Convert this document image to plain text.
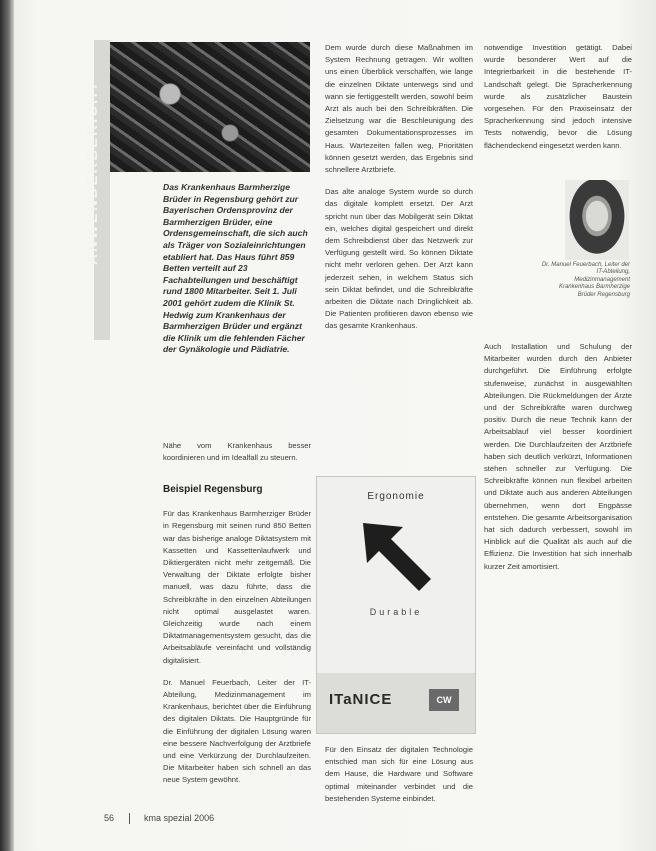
ANWENDERBERICHT	Das Krankenhaus Barmherzige Brüder in Regensburg gehört zur Bayerischen Ordensprovinz der Barmherzigen Brüder, eine Ordensgemeinschaft, die sich auch als Träger von Sozialeinrichtungen etabliert hat. Das Haus führt 859 Betten verteilt auf 23 Fachabteilungen und beschäftigt rund 1800 Mitarbeiter. Seit 1. Juli 2001 gehört zudem die Klinik St. Hedwig zum Krankenhaus der Barmherzigen Brüder und ergänzt die Klinik um die fehlenden Fächer der Gynäkologie und Pädiatrie.

Nähe vom Krankenhaus besser koordinieren und im Idealfall zu steuern.

Beispiel Regensburg

Für das Krankenhaus Barmherziger Brüder in Regensburg mit seinen rund 850 Betten war das bisherige analoge Diktatsystem mit Kassetten und Kassettenlaufwerk und Diktiergeräten nicht mehr zeitgemäß. Die Verwaltung der Diktate erfolgte bisher manuell, was dazu führte, dass die Schreibkräfte in den einzelnen Abteilungen nicht optimal ausgelastet waren. Gleichzeitig wurde nach einem Diktatmanagementsystem gesucht, das die Arbeitsabläufe vereinfacht und vollständig digitalisiert.

Dr. Manuel Feuerbach, Leiter der IT-Abteilung, Medizinmanagement im Krankenhaus, berichtet über die Einführung des digitalen Diktats. Die Hauptgründe für die Einführung der digitalen Lösung waren eine bessere Nachverfolgung der Arztbriefe und eine Verkürzung der Durchlaufzeiten. Die Mitarbeiter haben sich schnell an das neue System gewöhnt.

Dem wurde durch diese Maßnahmen im System Rechnung getragen. Wir wollten uns einen Überblick verschaffen, wie lange die einzelnen Diktate unterwegs sind und wann sie fertiggestellt werden, sowohl beim Arzt als auch bei den Schreibkräften. Die Zielsetzung war die Beschleunigung des gesamten Dokumentationsprozesses im Haus. Wartezeiten fallen weg, Prioritäten können gesetzt werden, das Ergebnis sind schnellere Arztbriefe.

Das alte analoge System wurde so durch das digitale komplett ersetzt. Der Arzt spricht nun über das Mobilgerät sein Diktat ein, welches digital gespeichert und direkt dem Schreibdienst über das Netzwerk zur Verfügung gestellt wird. So können Diktate nicht mehr verloren gehen. Der Arzt kann jederzeit sehen, in welchem Status sich sein Diktat befindet, und die Schreibkräfte arbeiten die Diktate nach Dringlichkeit ab. Die Patienten profitieren davon ebenso wie das gesamte Krankenhaus.

Ergonomie
Durable
ITaNICE	CW

Für den Einsatz der digitalen Technologie entschied man sich für eine Lösung aus dem Hause, die Hardware und Software optimal miteinander verbindet und die bestehenden Systeme einbindet.

notwendige Investition getätigt. Dabei wurde besonderer Wert auf die Integrierbarkeit in die bestehende IT-Landschaft gelegt. Die Spracherkennung wurde als zusätzlicher Baustein vorgesehen. Für den Praxiseinsatz der Spracherkennung sind jedoch intensive Tests notwendig, bevor die Lösung flächendeckend eingesetzt werden kann.

Dr. Manuel Feuerbach, Leiter der IT-Abteilung, Medizinmanagement Krankenhaus Barmherzige Brüder Regensburg

Auch Installation und Schulung der Mitarbeiter wurden durch den Anbieter durchgeführt. Die Einführung erfolgte stufenweise, zunächst in ausgewählten Abteilungen. Die Rückmeldungen der Ärzte und der Schreibkräfte waren durchweg positiv. Durch die neue Technik kann der Arbeitsablauf viel besser koordiniert werden. Die Durchlaufzeiten der Arztbriefe haben sich deutlich verkürzt, Informationen stehen schneller zur Verfügung. Die Schreibkräfte können nun flexibel arbeiten und Diktate auch aus anderen Abteilungen übernehmen, wenn dort Engpässe entstehen. Die gesamte Arbeitsorganisation hat sich dadurch verbessert, sowohl im Hinblick auf die Qualität als auch auf die Effizienz. Die Investition hat sich innerhalb kurzer Zeit amortisiert.

56	kma spezial 2006
